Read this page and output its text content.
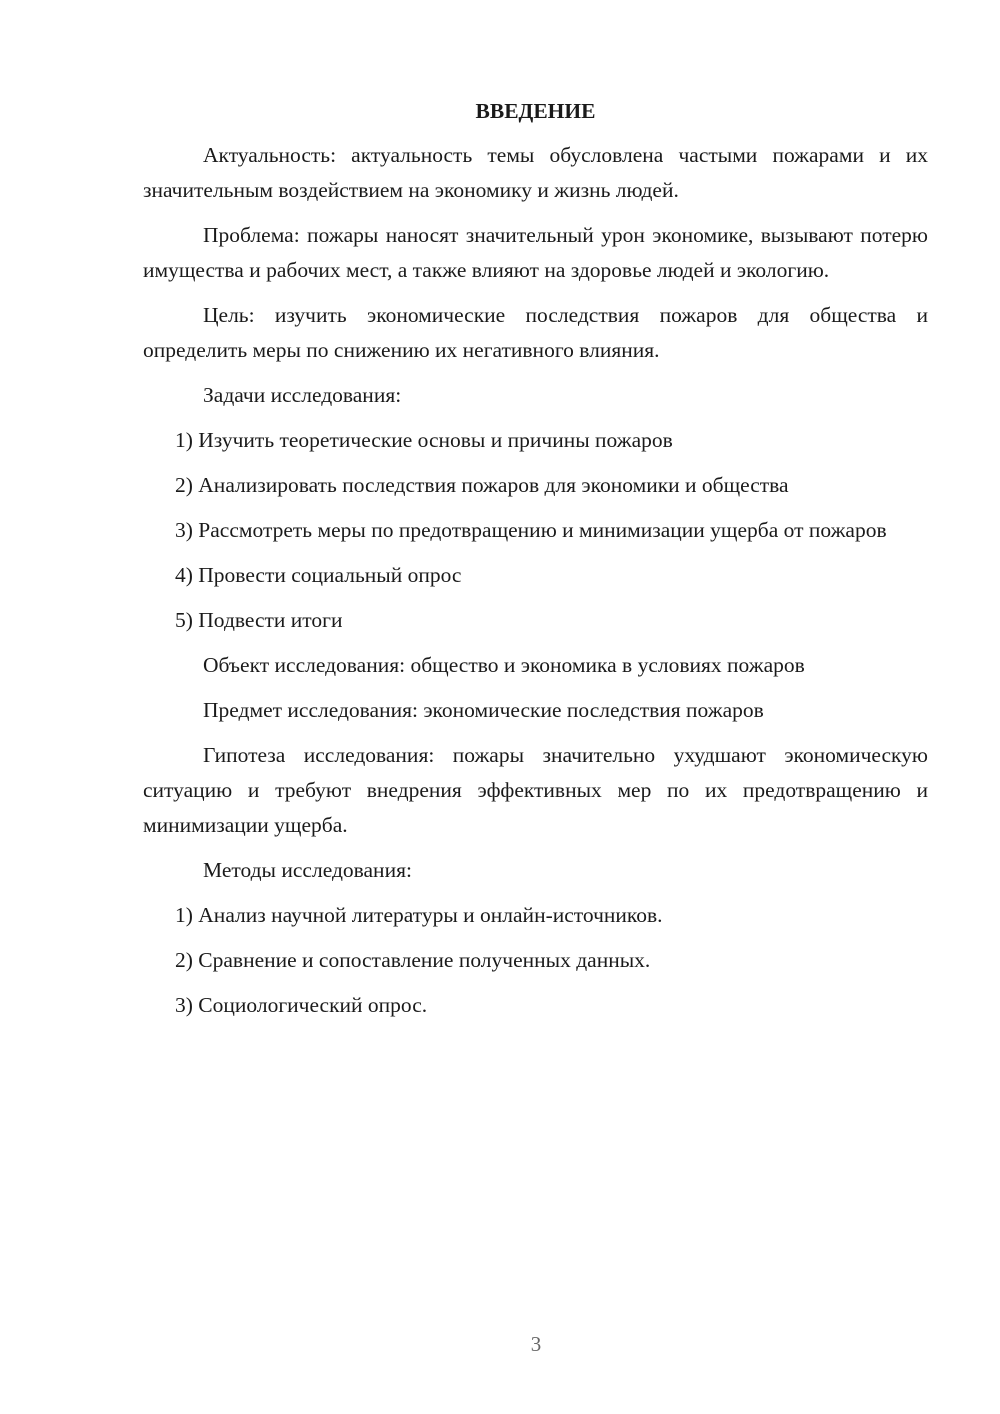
ВВЕДЕНИЕ

Актуальность: актуальность темы обусловлена частыми пожарами и их значительным воздействием на экономику и жизнь людей.

Проблема: пожары наносят значительный урон экономике, вызывают потерю имущества и рабочих мест, а также влияют на здоровье людей и экологию.

Цель: изучить экономические последствия пожаров для общества и определить меры по снижению их негативного влияния.

Задачи исследования:

1) Изучить теоретические основы и причины пожаров

2) Анализировать последствия пожаров для экономики и общества

3) Рассмотреть меры по предотвращению и минимизации ущерба от пожаров

4) Провести социальный опрос

5) Подвести итоги

Объект исследования: общество и экономика в условиях пожаров

Предмет исследования: экономические последствия пожаров

Гипотеза исследования: пожары значительно ухудшают экономическую ситуацию и требуют внедрения эффективных мер по их предотвращению и минимизации ущерба.

Методы исследования:

1) Анализ научной литературы и онлайн-источников.

2) Сравнение и сопоставление полученных данных.

3) Социологический опрос.

3
